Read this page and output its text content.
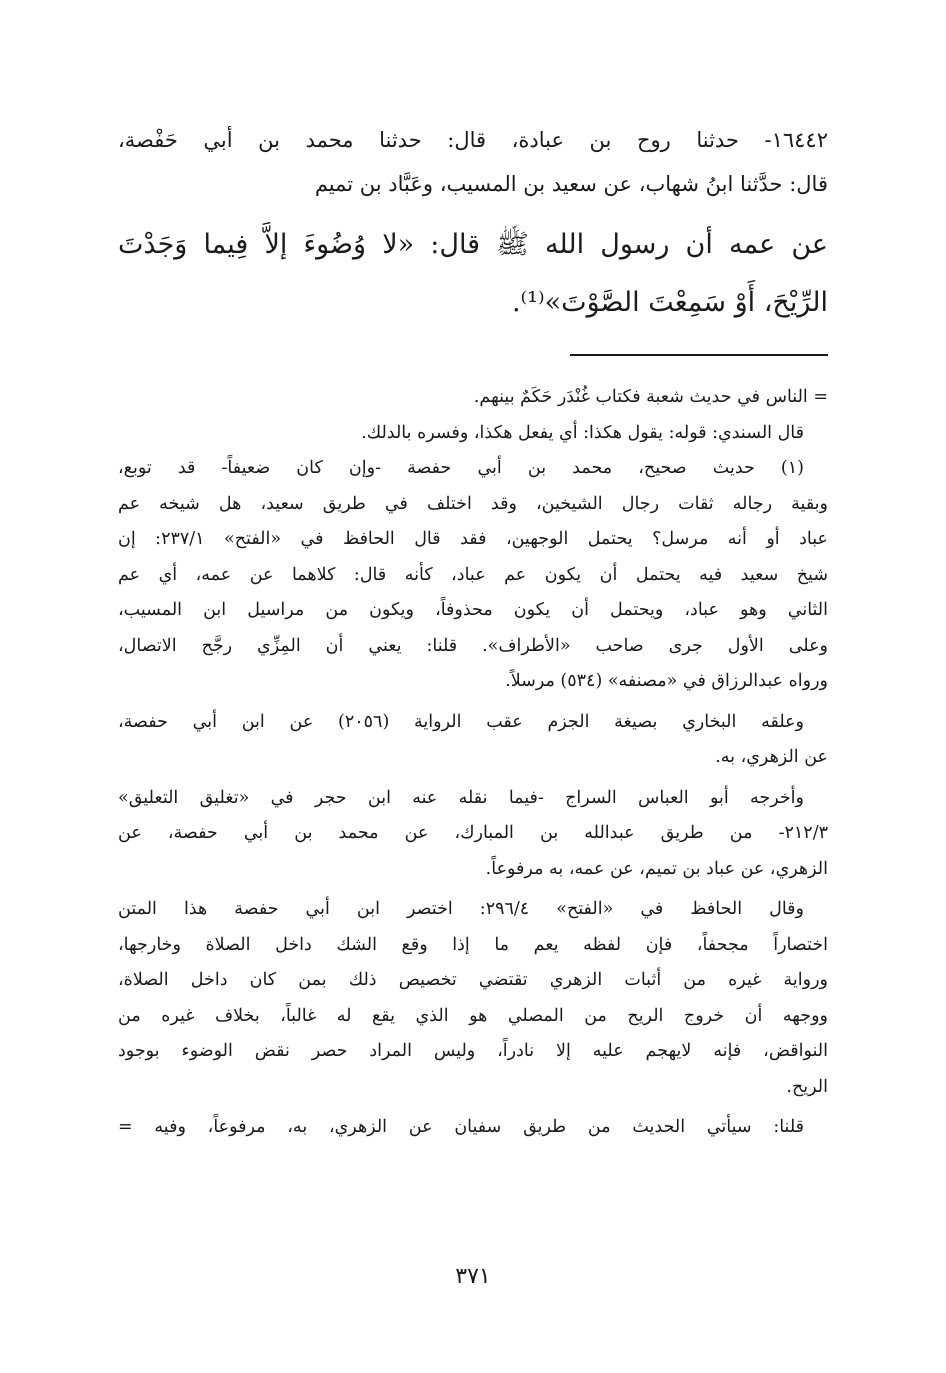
١٦٤٤٢- حدثنا روح بن عبادة، قال: حدثنا محمد بن أبي حَفْصة،

قال: حدَّثنا ابنُ شهاب، عن سعيد بن المسيب، وعَبَّاد بن تميم

عن عمه أن رسول الله ﷺ قال: «لا وُضُوءَ إلاَّ فِيما وَجَدْتَ

الرِّيْحَ، أَوْ سَمِعْتَ الصَّوْتَ»⁽¹⁾.

= الناس في حديث شعبة فكتاب غُنْدَر حَكَمٌ بينهم.

قال السندي: قوله: يقول هكذا: أي يفعل هكذا، وفسره بالدلك.

(١) حديث صحيح، محمد بن أبي حفصة -وإن كان ضعيفاً- قد توبع،

وبقية رجاله ثقات رجال الشيخين، وقد اختلف في طريق سعيد، هل شيخه عم

عباد أو أنه مرسل؟ يحتمل الوجهين، فقد قال الحافظ في «الفتح» ٢٣٧/١: إن

شيخ سعيد فيه يحتمل أن يكون عم عباد، كأنه قال: كلاهما عن عمه، أي عم

الثاني وهو عباد، ويحتمل أن يكون محذوفاً، ويكون من مراسيل ابن المسيب،

وعلى الأول جرى صاحب «الأطراف». قلنا: يعني أن المِزِّي رجَّح الاتصال،

ورواه عبدالرزاق في «مصنفه» (٥٣٤) مرسلاً.

وعلقه البخاري بصيغة الجزم عقب الرواية (٢٠٥٦) عن ابن أبي حفصة،

عن الزهري، به.

وأخرجه أبو العباس السراج -فيما نقله عنه ابن حجر في «تغليق التعليق»

٢١٢/٣- من طريق عبدالله بن المبارك، عن محمد بن أبي حفصة، عن

الزهري، عن عباد بن تميم، عن عمه، به مرفوعاً.

وقال الحافظ في «الفتح» ٢٩٦/٤: اختصر ابن أبي حفصة هذا المتن

اختصاراً مجحفاً، فإن لفظه يعم ما إذا وقع الشك داخل الصلاة وخارجها،

ورواية غيره من أثبات الزهري تقتضي تخصيص ذلك بمن كان داخل الصلاة،

ووجهه أن خروج الريح من المصلي هو الذي يقع له غالباً، بخلاف غيره من

النواقض، فإنه لايهجم عليه إلا نادراً، وليس المراد حصر نقض الوضوء بوجود

الريح.

قلنا: سيأتي الحديث من طريق سفيان عن الزهري، به، مرفوعاً، وفيه =

٣٧١
